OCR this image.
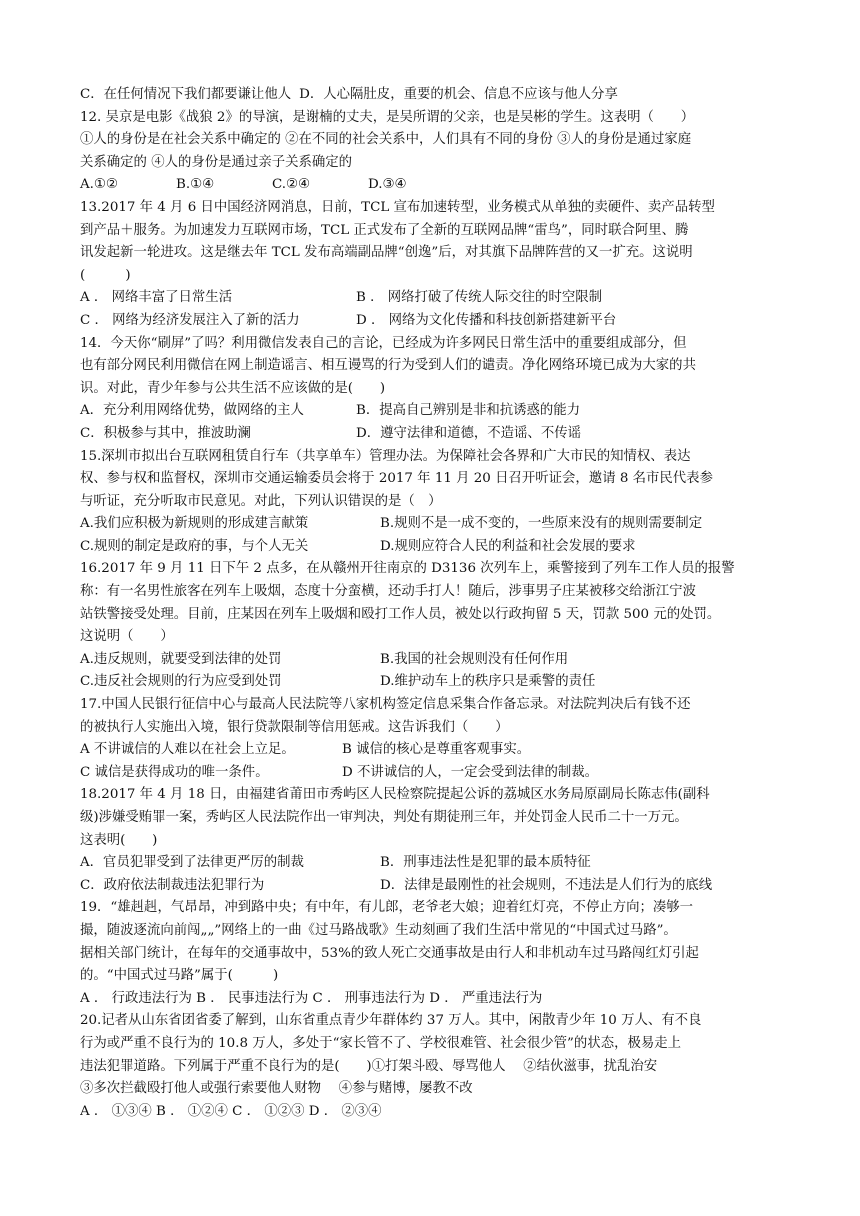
C．在任何情况下我们都要谦让他人 D．人心隔肚皮，重要的机会、信息不应该与他人分享
12. 吴京是电影《战狼 2》的导演，是谢楠的丈夫，是吴所谓的父亲，也是吴彬的学生。这表明（　　）
①人的身份是在社会关系中确定的 ②在不同的社会关系中，人们具有不同的身份 ③人的身份是通过家庭
关系确定的 ④人的身份是通过亲子关系确定的
A.①②	B.①④	C.②④	D.③④
13.2017 年 4 月 6 日中国经济网消息，日前，TCL 宣布加速转型，业务模式从单独的卖硬件、卖产品转型
到产品＋服务。为加速发力互联网市场，TCL 正式发布了全新的互联网品牌“雷鸟”，同时联合阿里、腾
讯发起新一轮进攻。这是继去年 TCL 发布高端副品牌“创逸”后，对其旗下品牌阵营的又一扩充。这说明
(　　　)
A ． 网络丰富了日常生活	B ． 网络打破了传统人际交往的时空限制
C ． 网络为经济发展注入了新的活力	D ． 网络为文化传播和科技创新搭建新平台
14．今天你“刷屏”了吗？利用微信发表自己的言论，已经成为许多网民日常生活中的重要组成部分，但
也有部分网民利用微信在网上制造谣言、相互谩骂的行为受到人们的谴责。净化网络环境已成为大家的共
识。对此，青少年参与公共生活不应该做的是(　　)
A．充分利用网络优势，做网络的主人	B．提高自己辨别是非和抗诱惑的能力
C．积极参与其中，推波助澜	D．遵守法律和道德，不造谣、不传谣
15.深圳市拟出台互联网租赁自行车（共享单车）管理办法。为保障社会各界和广大市民的知情权、表达
权、参与权和监督权，深圳市交通运输委员会将于 2017 年 11 月 20 日召开听证会，邀请 8 名市民代表参
与听证，充分听取市民意见。对此，下列认识错误的是（　）
A.我们应积极为新规则的形成建言献策	B.规则不是一成不变的，一些原来没有的规则需要制定
C.规则的制定是政府的事，与个人无关	D.规则应符合人民的利益和社会发展的要求
16.2017 年 9 月 11 日下午 2 点多，在从赣州开往南京的 D3136 次列车上，乘警接到了列车工作人员的报警
称：有一名男性旅客在列车上吸烟，态度十分蛮横，还动手打人！随后，涉事男子庄某被移交给浙江宁波
站铁警接受处理。目前，庄某因在列车上吸烟和殴打工作人员，被处以行政拘留 5 天，罚款 500 元的处罚。
这说明（　　）
A.违反规则，就要受到法律的处罚	B.我国的社会规则没有任何作用
C.违反社会规则的行为应受到处罚	D.维护动车上的秩序只是乘警的责任
17.中国人民银行征信中心与最高人民法院等八家机构签定信息采集合作备忘录。对法院判决后有钱不还
的被执行人实施出入境，银行贷款限制等信用惩戒。这告诉我们（　　）
A 不讲诚信的人难以在社会上立足。	B 诚信的核心是尊重客观事实。
C 诚信是获得成功的唯一条件。	D 不讲诚信的人，一定会受到法律的制裁。
18.2017 年 4 月 18 日，由福建省莆田市秀屿区人民检察院提起公诉的荔城区水务局原副局长陈志伟(副科
级)涉嫌受贿罪一案，秀屿区人民法院作出一审判决，判处有期徒刑三年，并处罚金人民币二十一万元。
这表明(　　)
A．官员犯罪受到了法律更严厉的制裁	B．刑事违法性是犯罪的最本质特征
C．政府依法制裁违法犯罪行为	D．法律是最刚性的社会规则，不违法是人们行为的底线
19．“雄赳赳，气昂昂，冲到路中央；有中年，有儿郎，老爷老大娘；迎着红灯亮，不停止方向；凑够一
撮，随波逐流向前闯„„”网络上的一曲《过马路战歌》生动刻画了我们生活中常见的“中国式过马路”。
据相关部门统计，在每年的交通事故中，53%的致人死亡交通事故是由行人和非机动车过马路闯红灯引起
的。“中国式过马路”属于(　　　)
A ． 行政违法行为 B ． 民事违法行为 C ． 刑事违法行为 D ． 严重违法行为
20.记者从山东省团省委了解到，山东省重点青少年群体约 37 万人。其中，闲散青少年 10 万人、有不良
行为或严重不良行为的 10.8 万人，多处于“家长管不了、学校很难管、社会很少管”的状态，极易走上
违法犯罪道路。下列属于严重不良行为的是(　　)①打架斗殴、辱骂他人　 ②结伙滋事，扰乱治安
③多次拦截殴打他人或强行索要他人财物　 ④参与赌博，屡教不改
A ． ①③④ B ． ①②④ C ． ①②③ D ． ②③④
